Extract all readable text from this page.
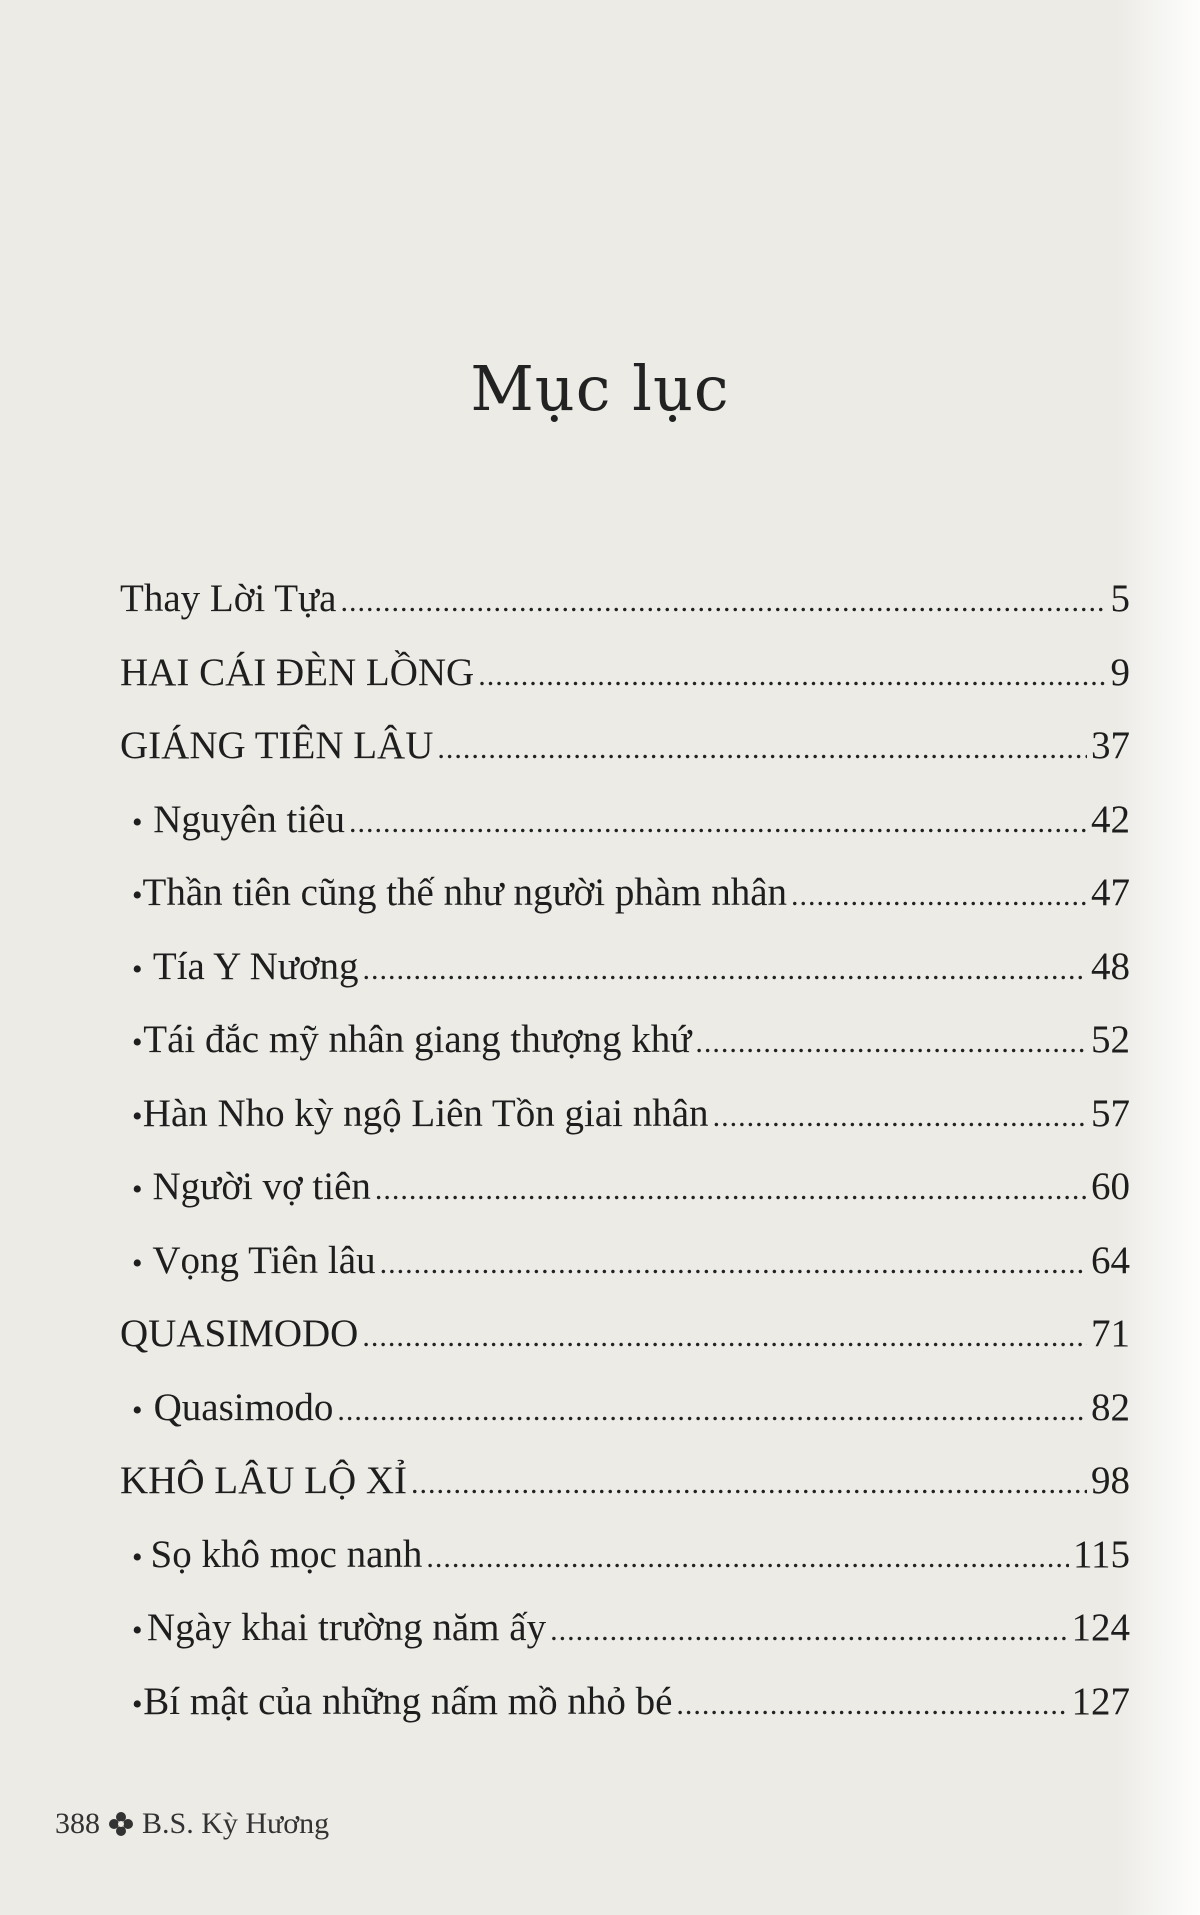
Mục lục
Thay Lời Tựa .....	5
HAI CÁI ĐÈN LỒNG .....	9
GIÁNG TIÊN LÂU .....	37
• Nguyên tiêu .....	42
• Thần tiên cũng thế như người phàm nhân .....	47
• Tía Y Nương .....	48
• Tái đắc mỹ nhân giang thượng khứ .....	52
• Hàn Nho kỳ ngộ Liên Tồn giai nhân .....	57
• Người vợ tiên .....	60
• Vọng Tiên lâu .....	64
QUASIMODO .....	71
• Quasimodo .....	82
KHÔ LÂU LỘ XỈ .....	98
• Sọ khô mọc nanh .....	115
• Ngày khai trường năm ấy .....	124
• Bí mật của những nấm mồ nhỏ bé .....	127
388 B.S. Kỳ Hương
